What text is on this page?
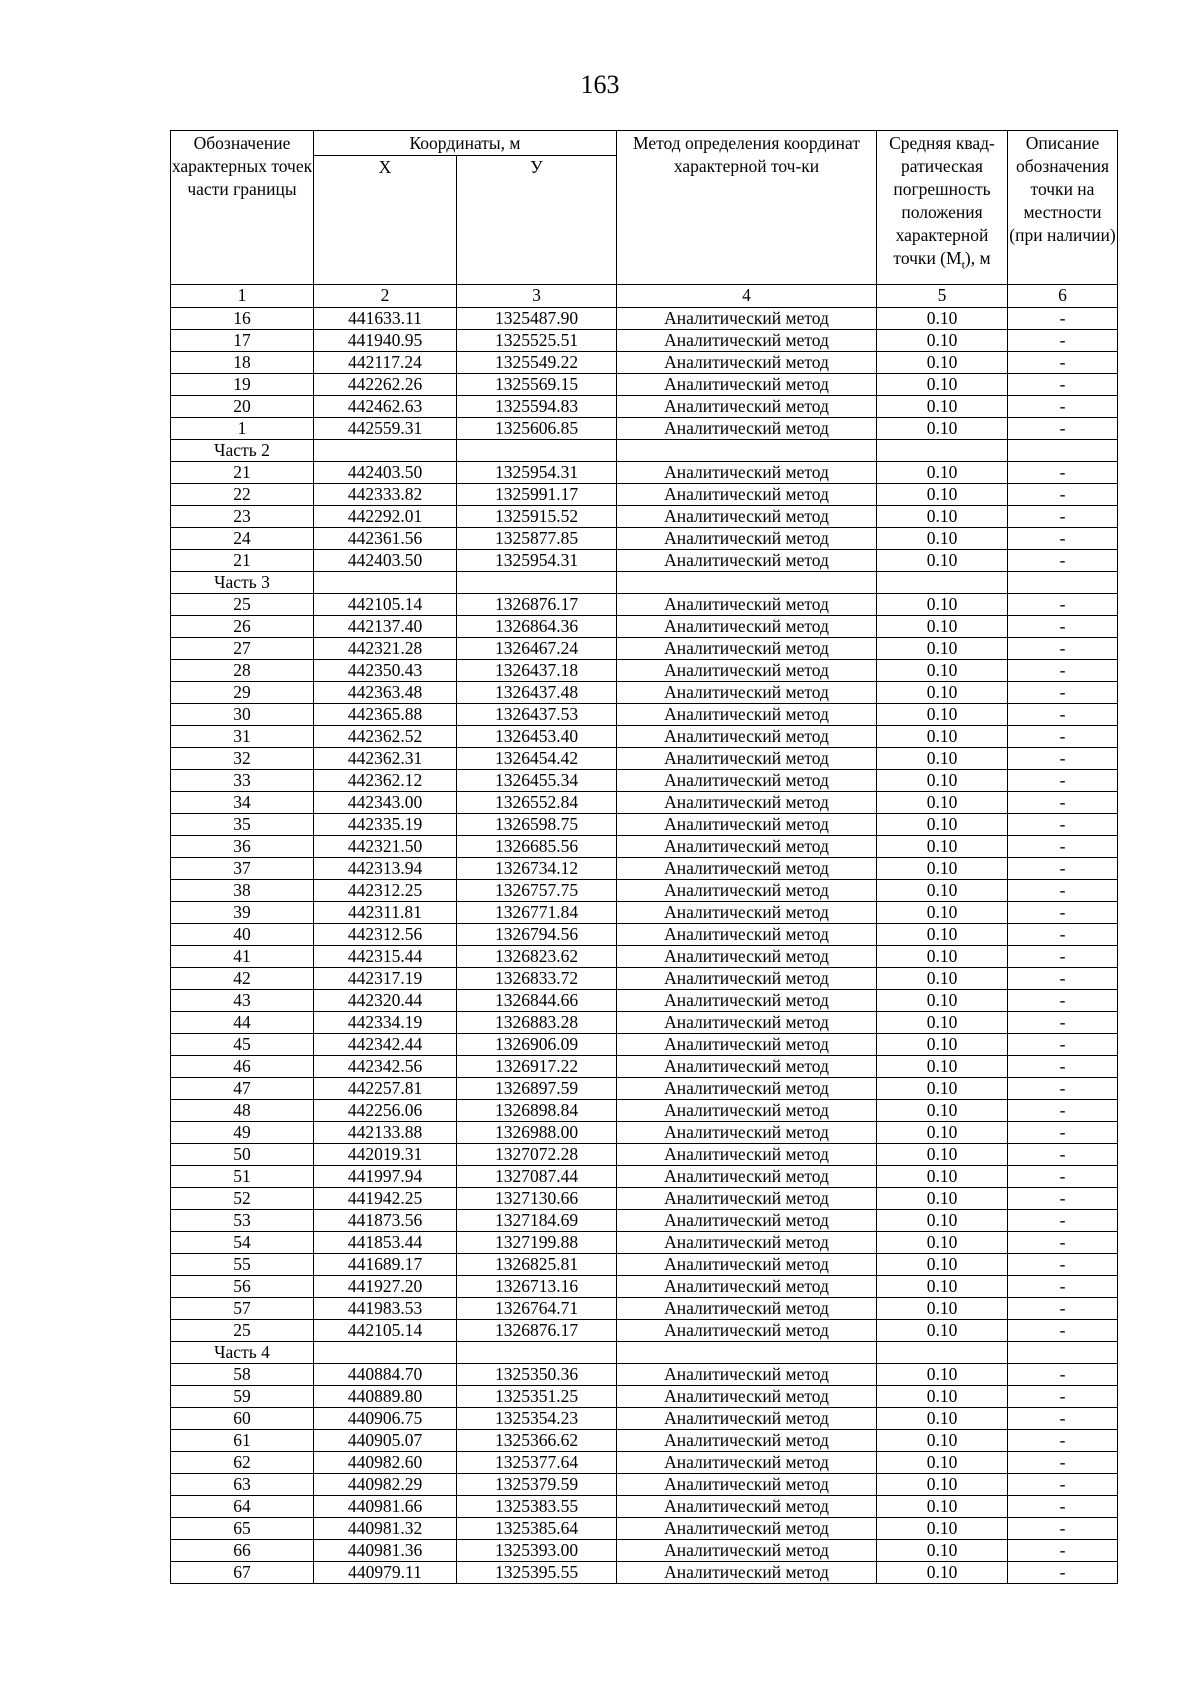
163
Обозначение характерных точек части границы	Координаты, м		Метод определения координат характерной точ-ки	Средняя квад-ратическая погрешность положения характерной точки $(M_t)$, м	Описание обозначения точки на местности (при наличии)
	Х	У			
1	2	3	4	5	6
16	441633.11	1325487.90	Аналитический метод	0.10	-
17	441940.95	1325525.51	Аналитический метод	0.10	-
18	442117.24	1325549.22	Аналитический метод	0.10	-
19	442262.26	1325569.15	Аналитический метод	0.10	-
20	442462.63	1325594.83	Аналитический метод	0.10	-
1	442559.31	1325606.85	Аналитический метод	0.10	-
Часть 2					
21	442403.50	1325954.31	Аналитический метод	0.10	-
22	442333.82	1325991.17	Аналитический метод	0.10	-
23	442292.01	1325915.52	Аналитический метод	0.10	-
24	442361.56	1325877.85	Аналитический метод	0.10	-
21	442403.50	1325954.31	Аналитический метод	0.10	-
Часть 3					
25	442105.14	1326876.17	Аналитический метод	0.10	-
26	442137.40	1326864.36	Аналитический метод	0.10	-
27	442321.28	1326467.24	Аналитический метод	0.10	-
28	442350.43	1326437.18	Аналитический метод	0.10	-
29	442363.48	1326437.48	Аналитический метод	0.10	-
30	442365.88	1326437.53	Аналитический метод	0.10	-
31	442362.52	1326453.40	Аналитический метод	0.10	-
32	442362.31	1326454.42	Аналитический метод	0.10	-
33	442362.12	1326455.34	Аналитический метод	0.10	-
34	442343.00	1326552.84	Аналитический метод	0.10	-
35	442335.19	1326598.75	Аналитический метод	0.10	-
36	442321.50	1326685.56	Аналитический метод	0.10	-
37	442313.94	1326734.12	Аналитический метод	0.10	-
38	442312.25	1326757.75	Аналитический метод	0.10	-
39	442311.81	1326771.84	Аналитический метод	0.10	-
40	442312.56	1326794.56	Аналитический метод	0.10	-
41	442315.44	1326823.62	Аналитический метод	0.10	-
42	442317.19	1326833.72	Аналитический метод	0.10	-
43	442320.44	1326844.66	Аналитический метод	0.10	-
44	442334.19	1326883.28	Аналитический метод	0.10	-
45	442342.44	1326906.09	Аналитический метод	0.10	-
46	442342.56	1326917.22	Аналитический метод	0.10	-
47	442257.81	1326897.59	Аналитический метод	0.10	-
48	442256.06	1326898.84	Аналитический метод	0.10	-
49	442133.88	1326988.00	Аналитический метод	0.10	-
50	442019.31	1327072.28	Аналитический метод	0.10	-
51	441997.94	1327087.44	Аналитический метод	0.10	-
52	441942.25	1327130.66	Аналитический метод	0.10	-
53	441873.56	1327184.69	Аналитический метод	0.10	-
54	441853.44	1327199.88	Аналитический метод	0.10	-
55	441689.17	1326825.81	Аналитический метод	0.10	-
56	441927.20	1326713.16	Аналитический метод	0.10	-
57	441983.53	1326764.71	Аналитический метод	0.10	-
25	442105.14	1326876.17	Аналитический метод	0.10	-
Часть 4					
58	440884.70	1325350.36	Аналитический метод	0.10	-
59	440889.80	1325351.25	Аналитический метод	0.10	-
60	440906.75	1325354.23	Аналитический метод	0.10	-
61	440905.07	1325366.62	Аналитический метод	0.10	-
62	440982.60	1325377.64	Аналитический метод	0.10	-
63	440982.29	1325379.59	Аналитический метод	0.10	-
64	440981.66	1325383.55	Аналитический метод	0.10	-
65	440981.32	1325385.64	Аналитический метод	0.10	-
66	440981.36	1325393.00	Аналитический метод	0.10	-
67	440979.11	1325395.55	Аналитический метод	0.10	-
